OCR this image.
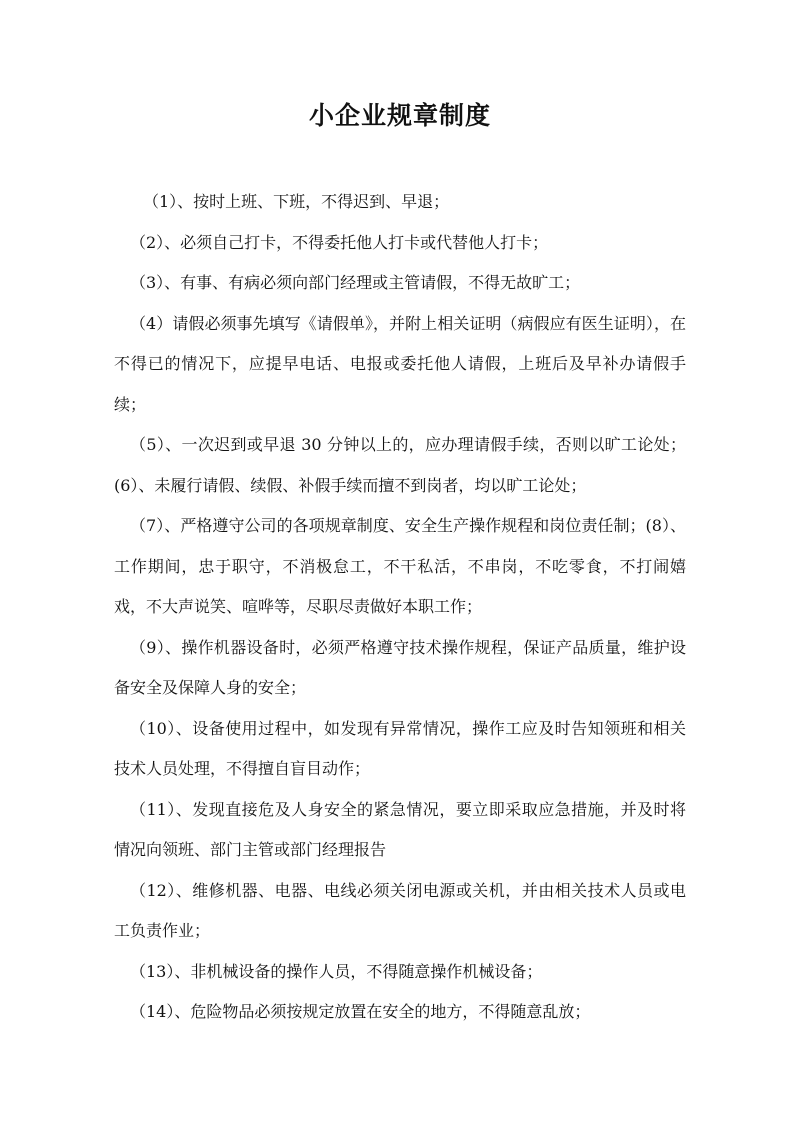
小企业规章制度

（1）、按时上班、下班，不得迟到、早退；

（2）、必须自己打卡，不得委托他人打卡或代替他人打卡；

（3）、有事、有病必须向部门经理或主管请假，不得无故旷工；

（4）请假必须事先填写《请假单》，并附上相关证明（病假应有医生证明），在不得已的情况下，应提早电话、电报或委托他人请假，上班后及早补办请假手续；

（5）、一次迟到或早退 30 分钟以上的，应办理请假手续，否则以旷工论处；(6）、未履行请假、续假、补假手续而擅不到岗者，均以旷工论处；

（7）、严格遵守公司的各项规章制度、安全生产操作规程和岗位责任制；(8）、工作期间，忠于职守，不消极怠工，不干私活，不串岗，不吃零食，不打闹嬉戏，不大声说笑、喧哗等，尽职尽责做好本职工作；

（9）、操作机器设备时，必须严格遵守技术操作规程，保证产品质量，维护设备安全及保障人身的安全；

（10）、设备使用过程中，如发现有异常情况，操作工应及时告知领班和相关技术人员处理，不得擅自盲目动作；

（11）、发现直接危及人身安全的紧急情况，要立即采取应急措施，并及时将情况向领班、部门主管或部门经理报告

（12）、维修机器、电器、电线必须关闭电源或关机，并由相关技术人员或电工负责作业；

（13）、非机械设备的操作人员，不得随意操作机械设备；

（14）、危险物品必须按规定放置在安全的地方，不得随意乱放；
